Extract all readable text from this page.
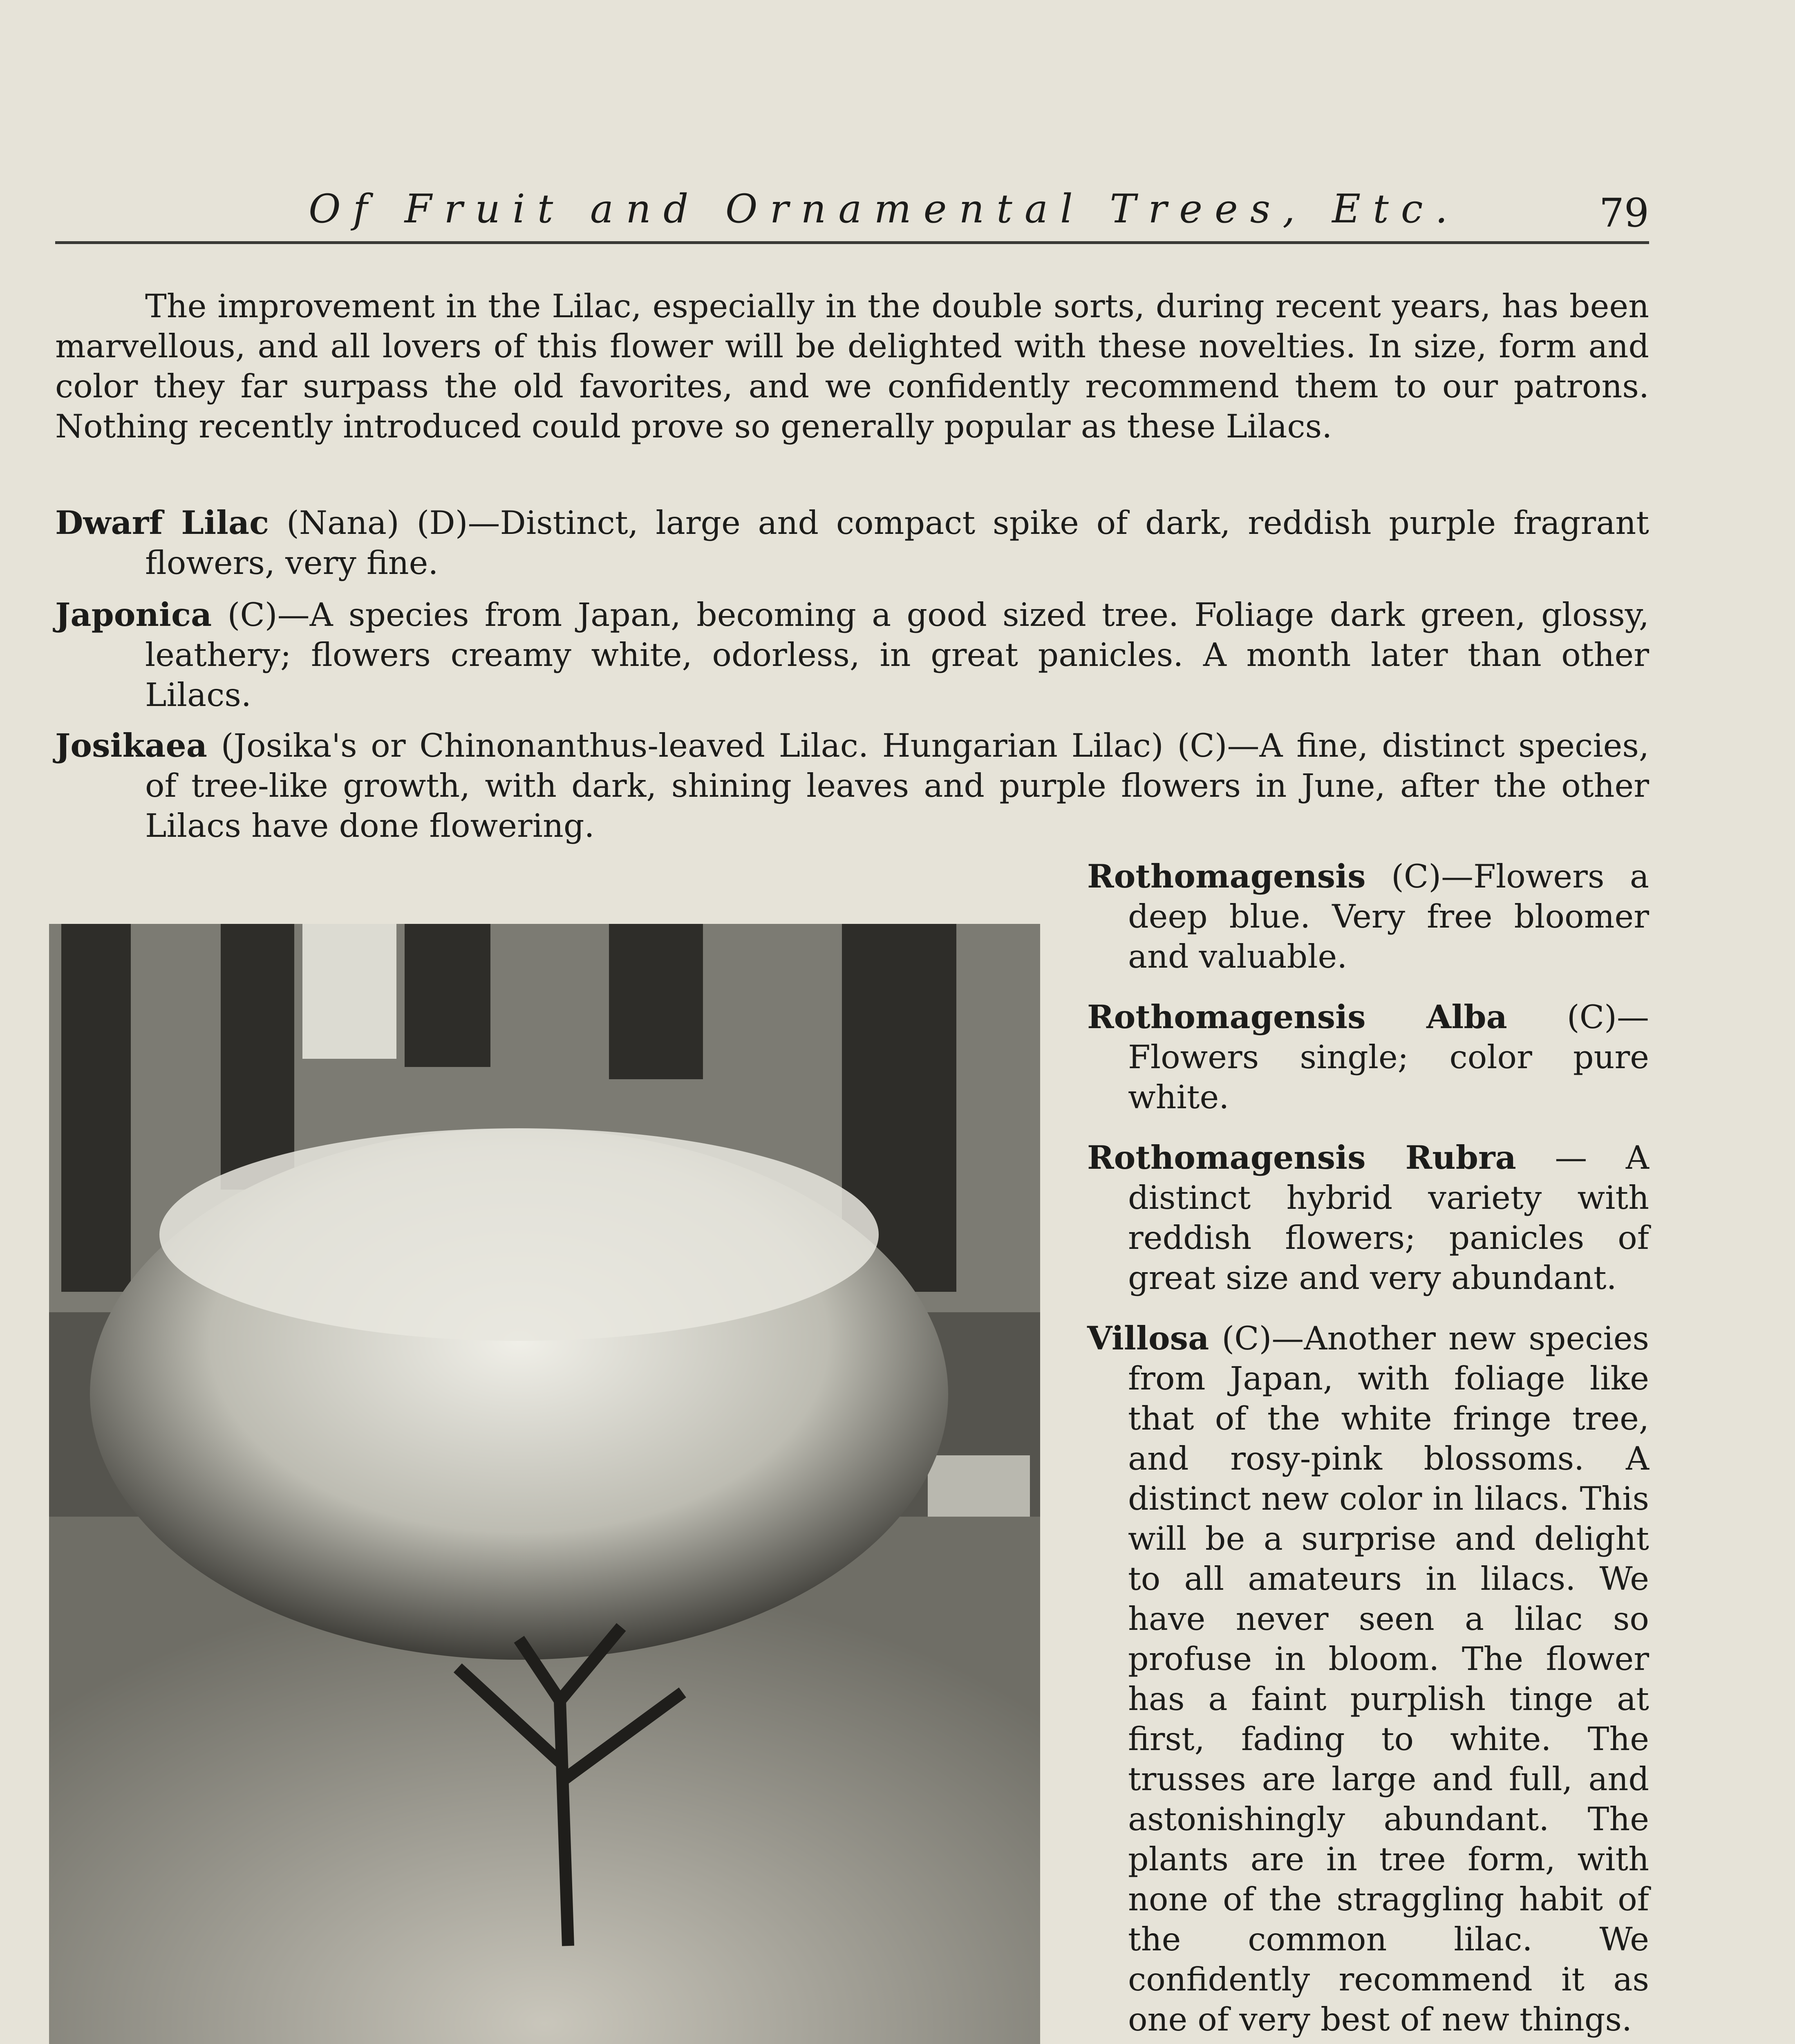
Of Fruit and Ornamental Trees, Etc.	79

The improvement in the Lilac, especially in the double sorts, during recent years, has been marvellous, and all lovers of this flower will be delighted with these novelties. In size, form and color they far surpass the old favorites, and we confidently recommend them to our patrons. Nothing recently introduced could prove so generally popular as these Lilacs.

Dwarf Lilac (Nana) (D)—Distinct, large and compact spike of dark, reddish purple fragrant flowers, very fine.

Japonica (C)—A species from Japan, becoming a good sized tree. Foliage dark green, glossy, leathery; flowers creamy white, odorless, in great panicles. A month later than other Lilacs.

Josikaea (Josika's or Chinonanthus-leaved Lilac. Hungarian Lilac) (C)—A fine, distinct species, of tree-like growth, with dark, shining leaves and purple flowers in June, after the other Lilacs have done flowering.

Rothomagensis (C)—Flowers a deep blue. Very free bloomer and valuable.

Rothomagensis Alba (C)—Flowers single; color pure white.

Rothomagensis Rubra — A distinct hybrid variety with reddish flowers; panicles of great size and very abundant.

Villosa (C)—Another new species from Japan, with foliage like that of the white fringe tree, and rosy-pink blossoms. A distinct new color in lilacs. This will be a surprise and delight to all amateurs in lilacs. We have never seen a lilac so profuse in bloom. The flower has a faint purplish tinge at first, fading to white. The trusses are large and full, and astonishingly abundant. The plants are in tree form, with none of the straggling habit of the common lilac. We confidently recommend it as one of very best of new things.
